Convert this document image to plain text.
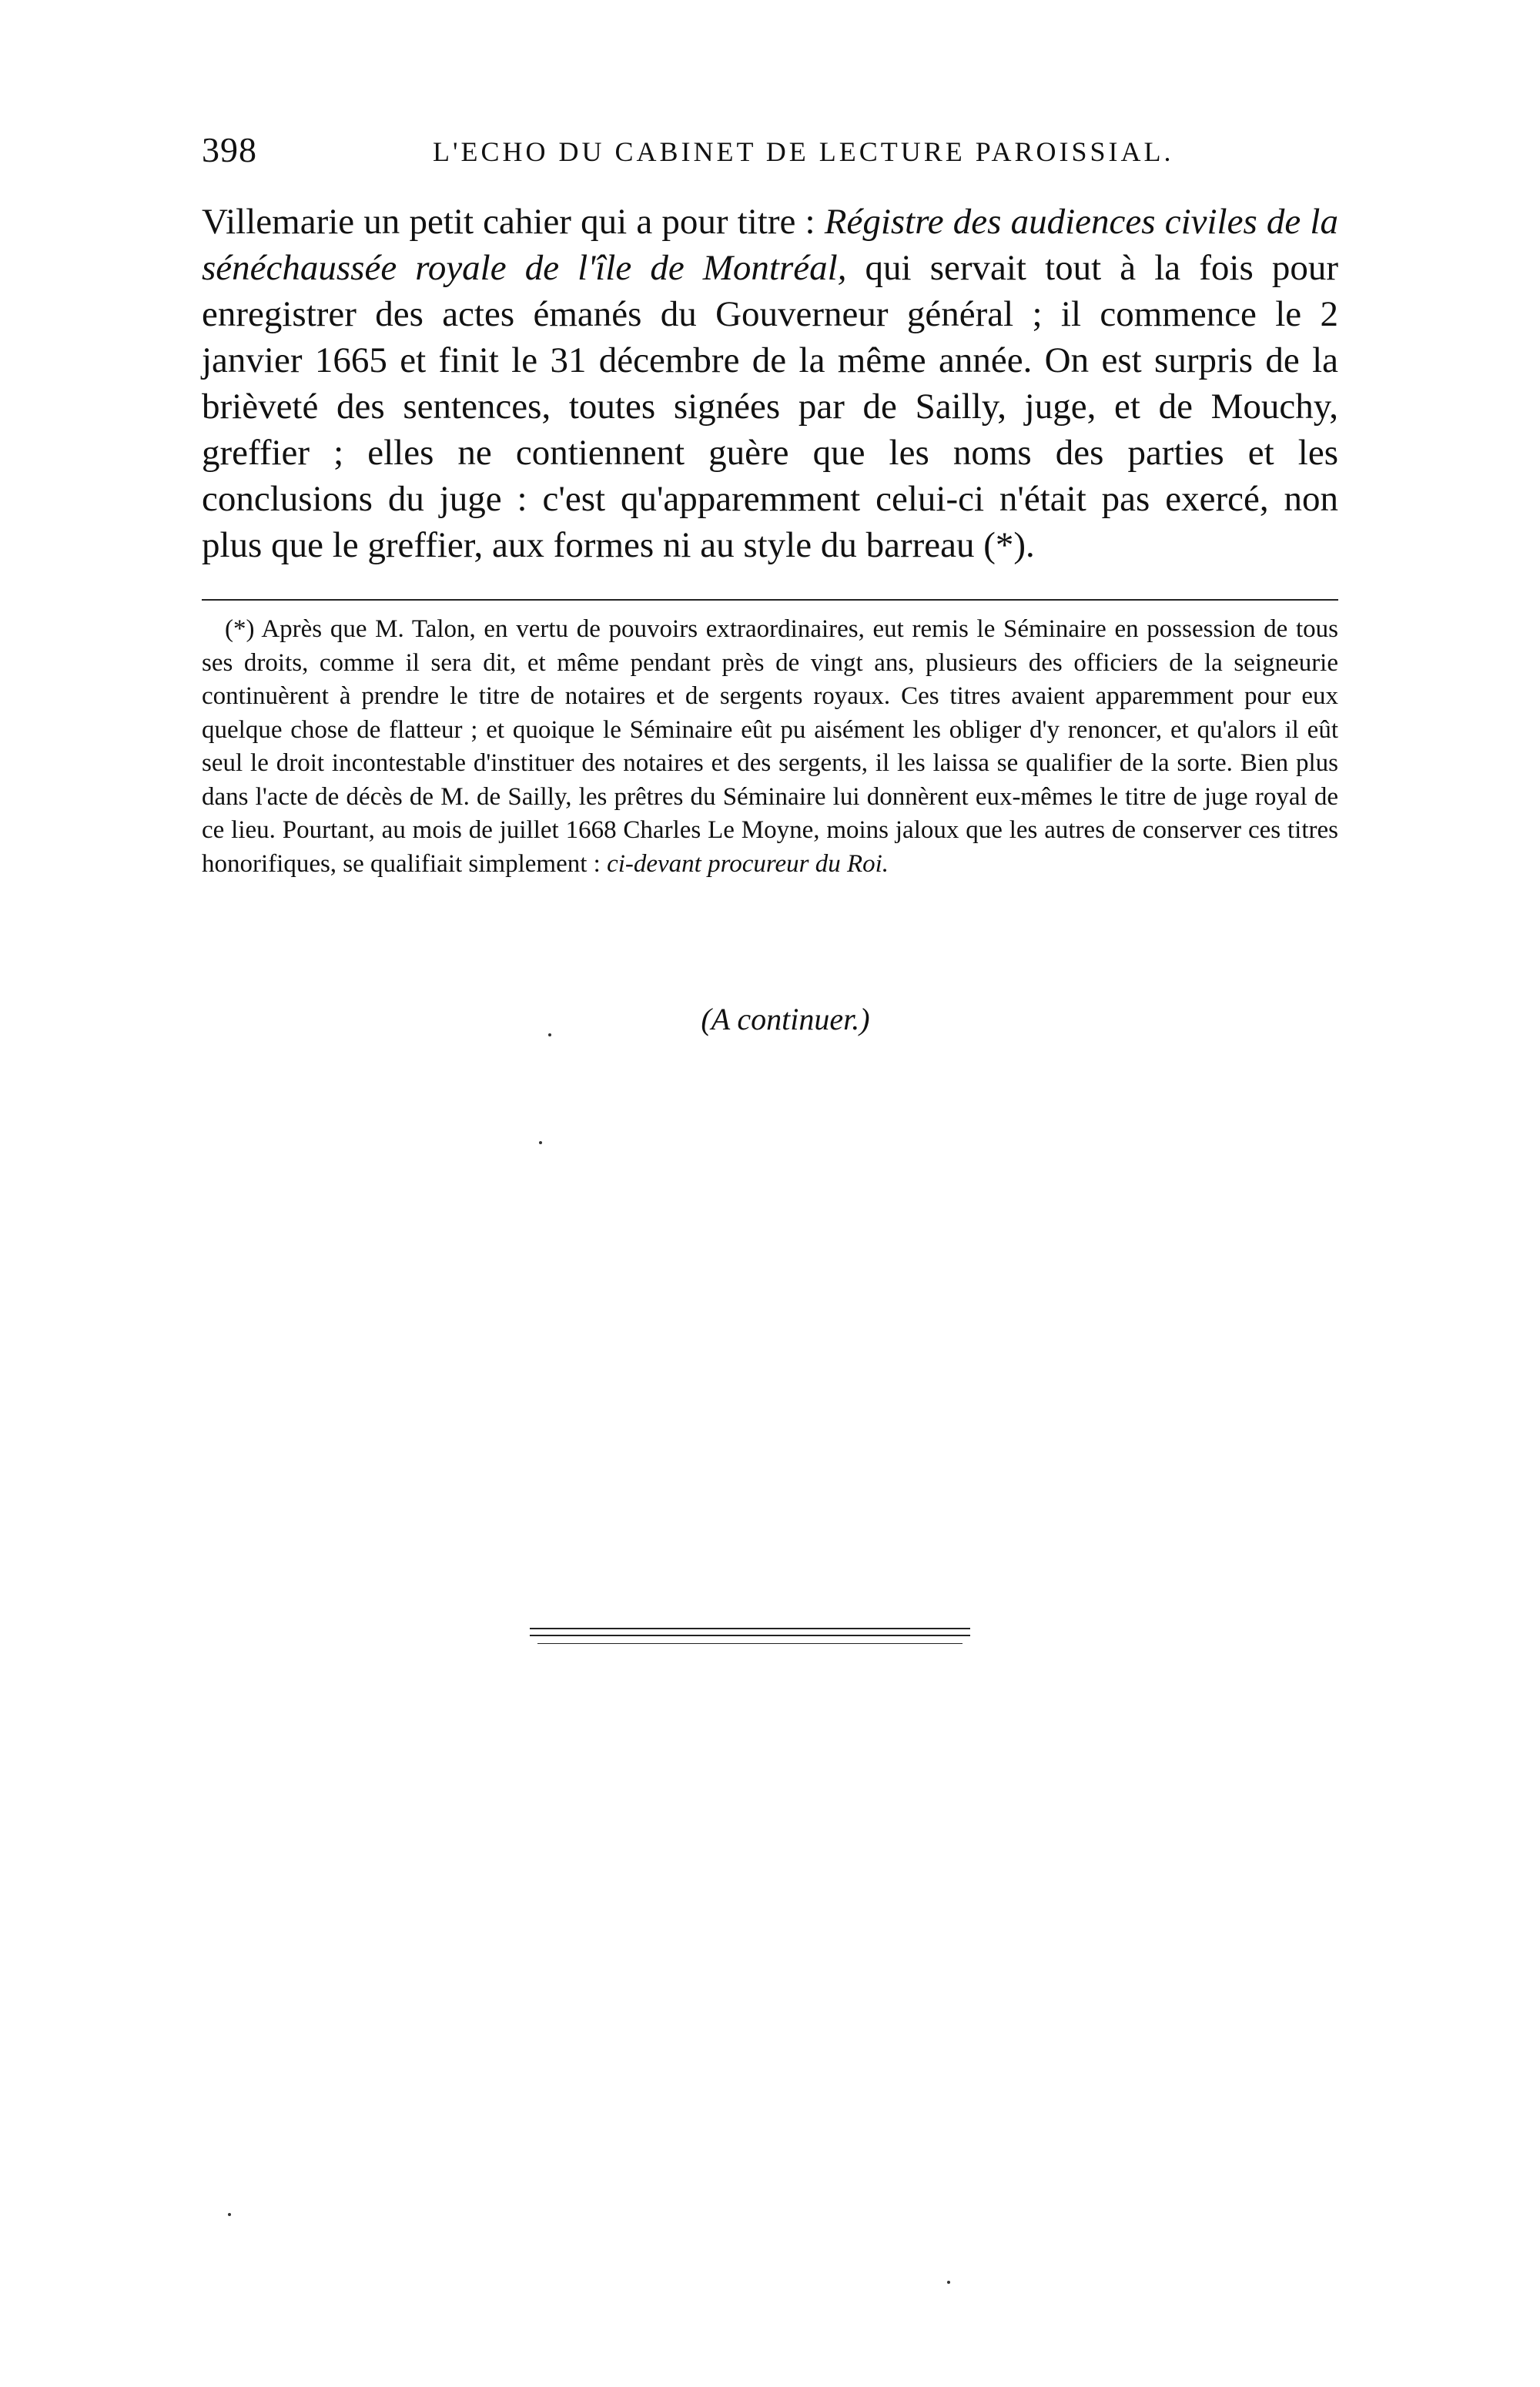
398	L'ECHO DU CABINET DE LECTURE PAROISSIAL.

Villemarie un petit cahier qui a pour titre : Régistre des audiences civiles de la sénéchaussée royale de l'île de Montréal, qui servait tout à la fois pour enregistrer des actes émanés du Gouverneur général ; il commence le 2 janvier 1665 et finit le 31 décembre de la même année. On est surpris de la brièveté des sentences, toutes signées par de Sailly, juge, et de Mouchy, greffier ; elles ne contiennent guère que les noms des parties et les conclusions du juge : c'est qu'apparemment celui-ci n'était pas exercé, non plus que le greffier, aux formes ni au style du barreau (*).

(*) Après que M. Talon, en vertu de pouvoirs extraordinaires, eut remis le Séminaire en possession de tous ses droits, comme il sera dit, et même pendant près de vingt ans, plusieurs des officiers de la seigneurie continuèrent à prendre le titre de notaires et de sergents royaux. Ces titres avaient apparemment pour eux quelque chose de flatteur ; et quoique le Séminaire eût pu aisément les obliger d'y renoncer, et qu'alors il eût seul le droit incontestable d'instituer des notaires et des sergents, il les laissa se qualifier de la sorte. Bien plus dans l'acte de décès de M. de Sailly, les prêtres du Séminaire lui donnèrent eux-mêmes le titre de juge royal de ce lieu. Pourtant, au mois de juillet 1668 Charles Le Moyne, moins jaloux que les autres de conserver ces titres honorifiques, se qualifiait simplement : ci-devant procureur du Roi.

(A continuer.)
